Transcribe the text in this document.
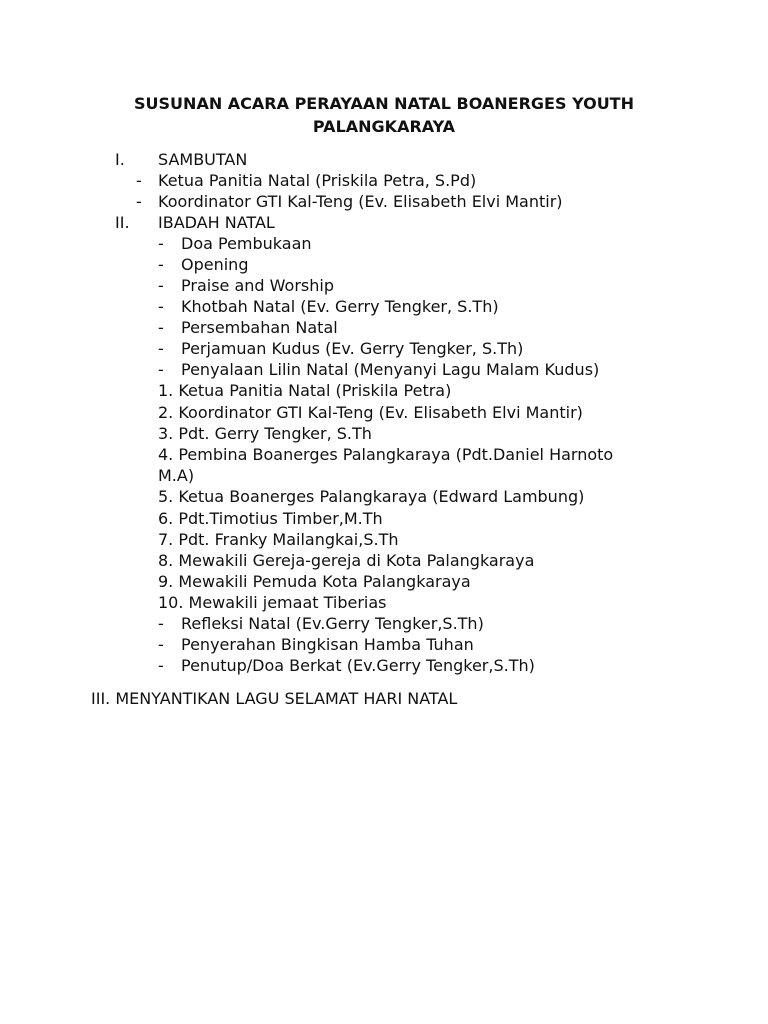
SUSUNAN ACARA PERAYAAN NATAL BOANERGES YOUTH
PALANGKARAYA
I. SAMBUTAN
- Ketua Panitia Natal (Priskila Petra, S.Pd)
- Koordinator GTI Kal-Teng (Ev. Elisabeth Elvi Mantir)
II. IBADAH NATAL
- Doa Pembukaan
- Opening
- Praise and Worship
- Khotbah Natal (Ev. Gerry Tengker, S.Th)
- Persembahan Natal
- Perjamuan Kudus (Ev. Gerry Tengker, S.Th)
- Penyalaan Lilin Natal (Menyanyi Lagu Malam Kudus)
1. Ketua Panitia Natal (Priskila Petra)
2. Koordinator GTI Kal-Teng (Ev. Elisabeth Elvi Mantir)
3. Pdt. Gerry Tengker, S.Th
4. Pembina Boanerges Palangkaraya (Pdt.Daniel Harnoto
M.A)
5. Ketua Boanerges Palangkaraya (Edward Lambung)
6. Pdt.Timotius Timber,M.Th
7. Pdt. Franky Mailangkai,S.Th
8. Mewakili Gereja-gereja di Kota Palangkaraya
9. Mewakili Pemuda Kota Palangkaraya
10. Mewakili jemaat Tiberias
- Refleksi Natal (Ev.Gerry Tengker,S.Th)
- Penyerahan Bingkisan Hamba Tuhan
- Penutup/Doa Berkat (Ev.Gerry Tengker,S.Th)
III. MENYANTIKAN LAGU SELAMAT HARI NATAL
